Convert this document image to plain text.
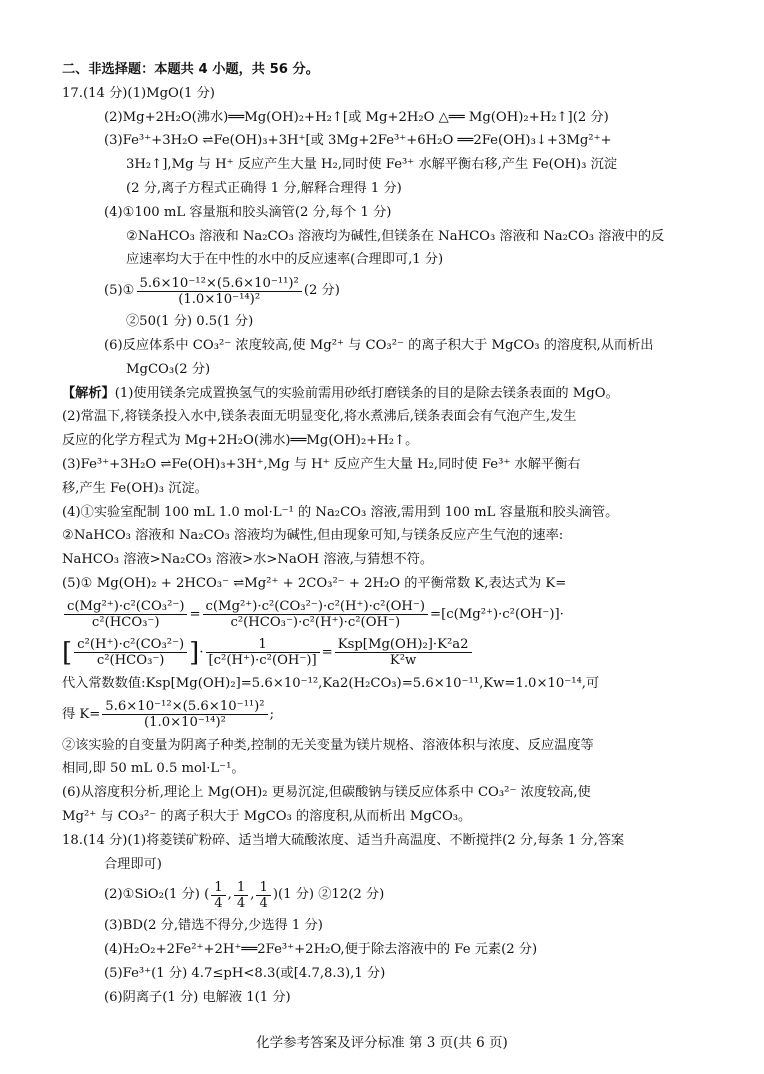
二、非选择题：本题共 4 小题，共 56 分。
17.(14 分)(1)MgO(1 分)
(2)Mg+2H₂O(沸水)══Mg(OH)₂+H₂↑[或 Mg+2H₂O △══ Mg(OH)₂+H₂↑](2 分)
(3)Fe³⁺+3H₂O ⇌Fe(OH)₃+3H⁺[或 3Mg+2Fe³⁺+6H₂O ══2Fe(OH)₃↓+3Mg²⁺+
3H₂↑],Mg 与 H⁺ 反应产生大量 H₂,同时使 Fe³⁺ 水解平衡右移,产生 Fe(OH)₃ 沉淀
(2 分,离子方程式正确得 1 分,解释合理得 1 分)
(4)①100 mL 容量瓶和胶头滴管(2 分,每个 1 分)
②NaHCO₃ 溶液和 Na₂CO₃ 溶液均为碱性,但镁条在 NaHCO₃ 溶液和 Na₂CO₃ 溶液中的反
应速率均大于在中性的水中的反应速率(合理即可,1 分)
(5)① $\frac{\text{5.6×10⁻¹²×(5.6×10⁻¹¹)²}}{\text{(1.0×10⁻¹⁴)²}} (2$ 分)
②50(1 分) 0.5(1 分)
(6)反应体系中 CO₃²⁻ 浓度较高,使 Mg²⁺ 与 CO₃²⁻ 的离子积大于 MgCO₃ 的溶度积,从而析出
MgCO₃(2 分)
【解析】(1)使用镁条完成置换氢气的实验前需用砂纸打磨镁条的目的是除去镁条表面的 MgO。
(2)常温下,将镁条投入水中,镁条表面无明显变化,将水煮沸后,镁条表面会有气泡产生,发生
反应的化学方程式为 Mg+2H₂O(沸水)══Mg(OH)₂+H₂↑。
(3)Fe³⁺+3H₂O ⇌Fe(OH)₃+3H⁺,Mg 与 H⁺ 反应产生大量 H₂,同时使 Fe³⁺ 水解平衡右
移,产生 Fe(OH)₃ 沉淀。
(4)①实验室配制 100 mL 1.0 mol·L⁻¹ 的 Na₂CO₃ 溶液,需用到 100 mL 容量瓶和胶头滴管。
②NaHCO₃ 溶液和 Na₂CO₃ 溶液均为碱性,但由现象可知,与镁条反应产生气泡的速率:
NaHCO₃ 溶液>Na₂CO₃ 溶液>水>NaOH 溶液,与猜想不符。
(5)① Mg(OH)₂ + 2HCO₃⁻ ⇌Mg²⁺ + 2CO₃²⁻ + 2H₂O 的平衡常数 K,表达式为 K=
$\frac{\text{c(Mg²⁺)·c²(CO₃²⁻)}}{\text{c²(HCO₃⁻)}} = \frac{\text{c(Mg²⁺)·c²(CO₃²⁻)·c²(H⁺)·c²(OH⁻)}}{\text{c²(HCO₃⁻)·c²(H⁺)·c²(OH⁻)}} =[c(Mg^{2+})\cdot c^2(OH^-)]\cdot$
[ $\frac{\text{c²(H⁺)·c²(CO₃²⁻)}}{\text{c²(HCO₃⁻)}}$ ] · $\frac{1}{\text{[c²(H⁺)·c²(OH⁻)]}} = \frac{\text{Ksp[Mg(OH)₂]·K²a2}}{\text{K²w}}$
代入常数数值:Ksp[Mg(OH)₂]=5.6×10⁻¹²,Ka2(H₂CO₃)=5.6×10⁻¹¹,Kw=1.0×10⁻¹⁴,可
得 $K= \frac{\text{5.6×10⁻¹²×(5.6×10⁻¹¹)²}}{\text{(1.0×10⁻¹⁴)²}}$ ;
②该实验的自变量为阴离子种类,控制的无关变量为镁片规格、溶液体积与浓度、反应温度等
相同,即 50 mL 0.5 mol·L⁻¹。
(6)从溶度积分析,理论上 Mg(OH)₂ 更易沉淀,但碳酸钠与镁反应体系中 CO₃²⁻ 浓度较高,使
Mg²⁺ 与 CO₃²⁻ 的离子积大于 MgCO₃ 的溶度积,从而析出 MgCO₃。
18.(14 分)(1)将菱镁矿粉碎、适当增大硫酸浓度、适当升高温度、不断搅拌(2 分,每条 1 分,答案
合理即可)
(2)①SiO₂(1 分) ( $\frac{1}{4}$ , $\frac{1}{4}$ , $\frac{1}{4} )(1$ 分) ②12(2 分)
(3)BD(2 分,错选不得分,少选得 1 分)
(4)H₂O₂+2Fe²⁺+2H⁺══2Fe³⁺+2H₂O,便于除去溶液中的 Fe 元素(2 分)
(5)Fe³⁺(1 分) 4.7≤pH<8.3(或[4.7,8.3),1 分)
(6)阴离子(1 分) 电解液 1(1 分)
化学参考答案及评分标准 第 3 页(共 6 页)
